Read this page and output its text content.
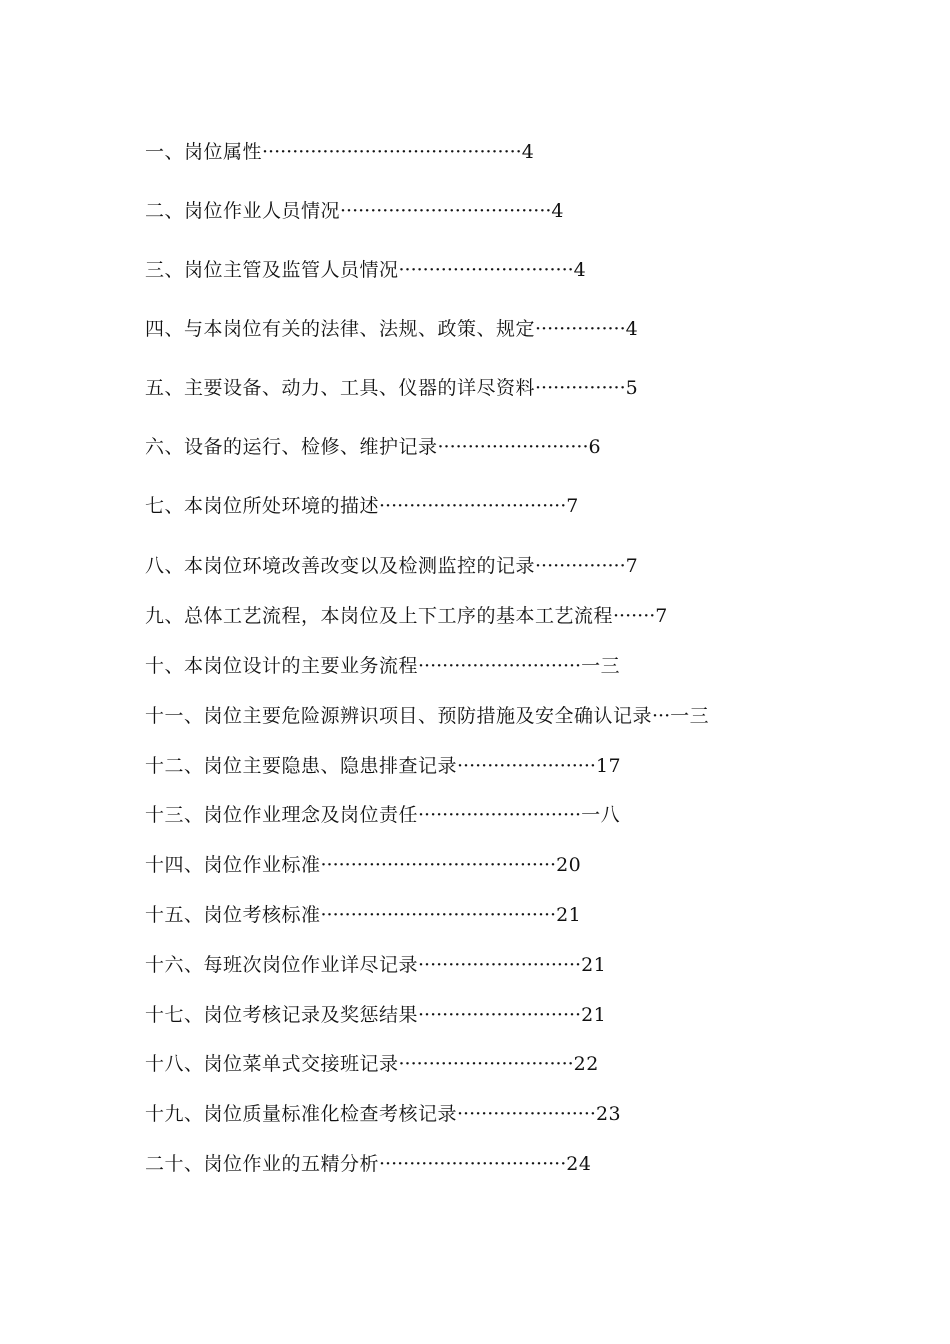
一、岗位属性···········································4
二、岗位作业人员情况···································4
三、岗位主管及监管人员情况·····························4
四、与本岗位有关的法律、法规、政策、规定···············4
五、主要设备、动力、工具、仪器的详尽资料···············5
六、设备的运行、检修、维护记录·························6
七、本岗位所处环境的描述·······························7
八、本岗位环境改善改变以及检测监控的记录···············7
九、总体工艺流程，本岗位及上下工序的基本工艺流程·······7
十、本岗位设计的主要业务流程···························一三
十一、岗位主要危险源辨识项目、预防措施及安全确认记录···一三
十二、岗位主要隐患、隐患排查记录·······················17
十三、岗位作业理念及岗位责任···························一八
十四、岗位作业标准·······································20
十五、岗位考核标准·······································21
十六、每班次岗位作业详尽记录···························21
十七、岗位考核记录及奖惩结果···························21
十八、岗位菜单式交接班记录·····························22
十九、岗位质量标准化检查考核记录·······················23
二十、岗位作业的五精分析·······························24
